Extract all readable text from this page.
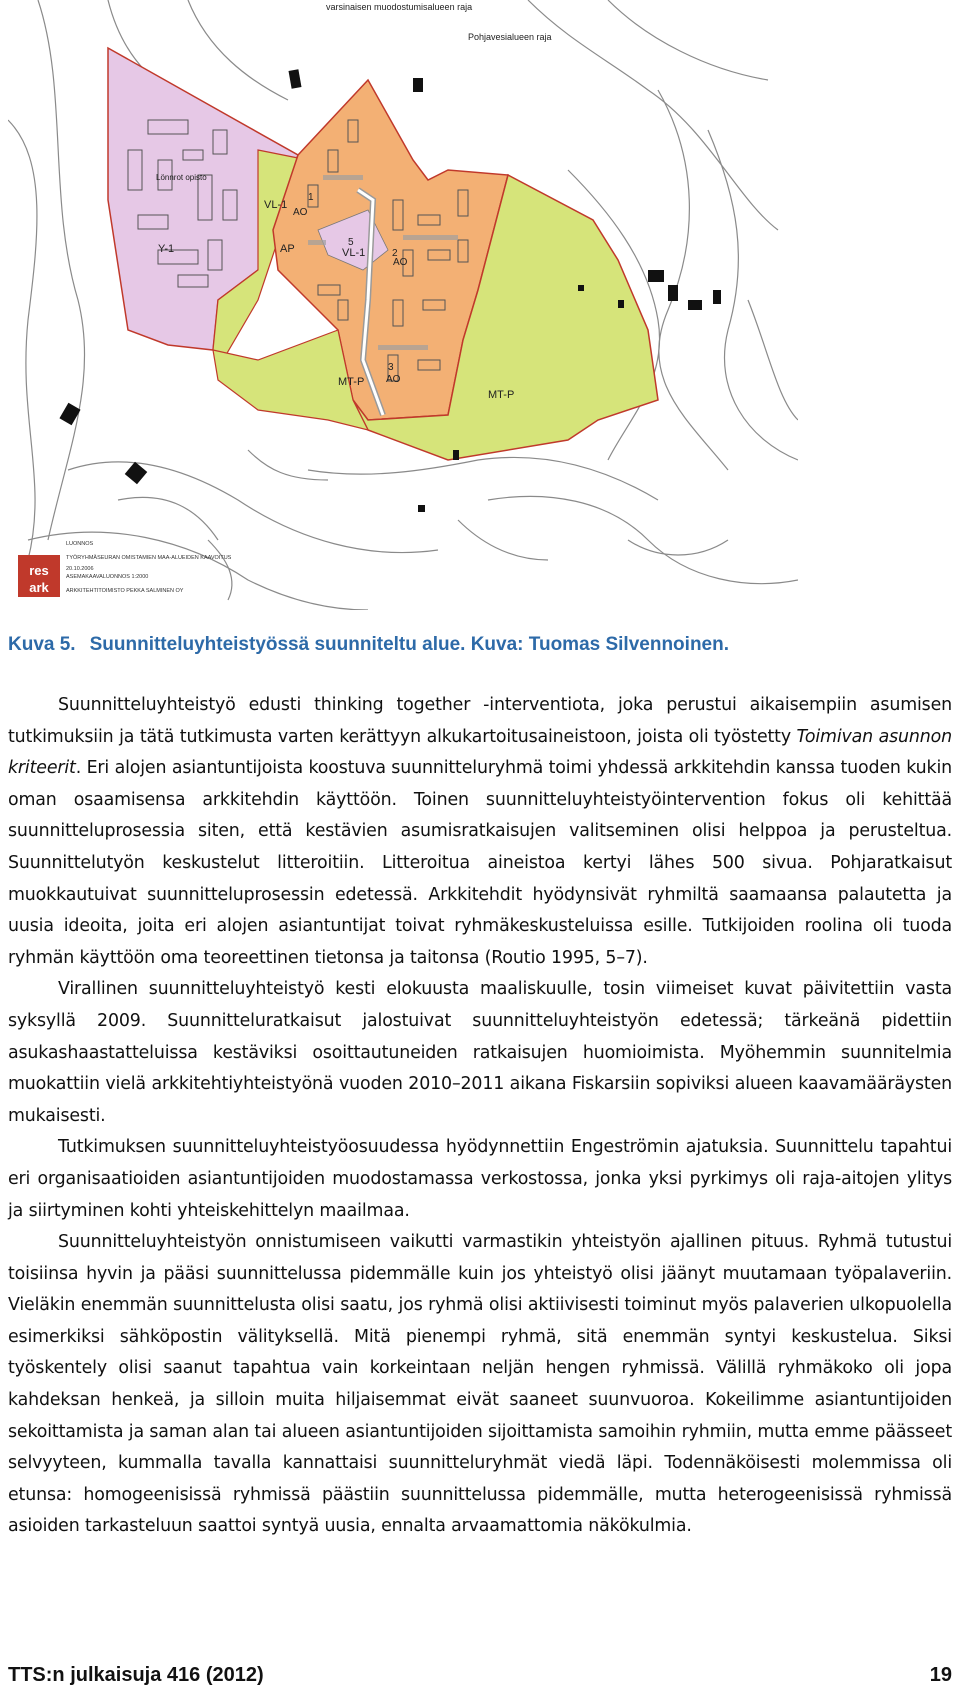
varsinaisen muodostumisalueen raja
Pohjavesialueen raja
Lönnrot opisto
VL-1
Y-1	AP	VL-1
AO
AO
AO
MT-P
MT-P
1
2
3
5
res
ark
LUONNOS
TYÖRYHMÄSEURAN OMISTAMIEN MAA-ALUEIDEN KAAVOITUS
20.10.2006
ASEMAKAAVALUONNOS 1:2000
ARKKITEHTITOIMISTO PEKKA SALMINEN OY
Kuva 5. Suunnitteluyhteistyössä suunniteltu alue. Kuva: Tuomas Silvennoinen.

Suunnitteluyhteistyö edusti thinking together -interventiota, joka perustui aikaisempiin asumisen tutkimuksiin ja tätä tutkimusta varten kerättyyn alkukartoitusaineistoon, joista oli työstetty Toimivan asunnon kriteerit. Eri alojen asiantuntijoista koostuva suunnitteluryhmä toimi yhdessä arkkitehdin kanssa tuoden kukin oman osaamisensa arkkitehdin käyttöön. Toinen suunnitteluyhteistyöintervention fokus oli kehittää suunnitteluprosessia siten, että kestävien asumisratkaisujen valitseminen olisi helppoa ja perusteltua. Suunnittelutyön keskustelut litteroitiin. Litteroitua aineistoa kertyi lähes 500 sivua. Pohjaratkaisut muokkautuivat suunnitteluprosessin edetessä. Arkkitehdit hyödynsivät ryhmiltä saamaansa palautetta ja uusia ideoita, joita eri alojen asiantuntijat toivat ryhmäkeskusteluissa esille. Tutkijoiden roolina oli tuoda ryhmän käyttöön oma teoreettinen tietonsa ja taitonsa (Routio 1995, 5–7).

Virallinen suunnitteluyhteistyö kesti elokuusta maaliskuulle, tosin viimeiset kuvat päivitettiin vasta syksyllä 2009. Suunnitteluratkaisut jalostuivat suunnitteluyhteistyön edetessä; tärkeänä pidettiin asukashaastatteluissa kestäviksi osoittautuneiden ratkaisujen huomioimista. Myöhemmin suunnitelmia muokattiin vielä arkkitehtiyhteistyönä vuoden 2010–2011 aikana Fiskarsiin sopiviksi alueen kaavamääräysten mukaisesti.

Tutkimuksen suunnitteluyhteistyöosuudessa hyödynnettiin Engeströmin ajatuksia. Suunnittelu tapahtui eri organisaatioiden asiantuntijoiden muodostamassa verkostossa, jonka yksi pyrkimys oli raja-aitojen ylitys ja siirtyminen kohti yhteiskehittelyn maailmaa.

Suunnitteluyhteistyön onnistumiseen vaikutti varmastikin yhteistyön ajallinen pituus. Ryhmä tutustui toisiinsa hyvin ja pääsi suunnittelussa pidemmälle kuin jos yhteistyö olisi jäänyt muutamaan työpalaveriin. Vieläkin enemmän suunnittelusta olisi saatu, jos ryhmä olisi aktiivisesti toiminut myös palaverien ulkopuolella esimerkiksi sähköpostin välityksellä. Mitä pienempi ryhmä, sitä enemmän syntyi keskustelua. Siksi työskentely olisi saanut tapahtua vain korkeintaan neljän hengen ryhmissä. Välillä ryhmäkoko oli jopa kahdeksan henkeä, ja silloin muita hiljaisemmat eivät saaneet suunvuoroa. Kokeilimme asiantuntijoiden sekoittamista ja saman alan tai alueen asiantuntijoiden sijoittamista samoihin ryhmiin, mutta emme päässeet selvyyteen, kummalla tavalla kannattaisi suunnitteluryhmät viedä läpi. Todennäköisesti molemmissa oli etunsa: homogeenisissä ryhmissä päästiin suunnittelussa pidemmälle, mutta heterogeenisissä ryhmissä asioiden tarkasteluun saattoi syntyä uusia, ennalta arvaamattomia näkökulmia.

TTS:n julkaisuja 416 (2012)	19
